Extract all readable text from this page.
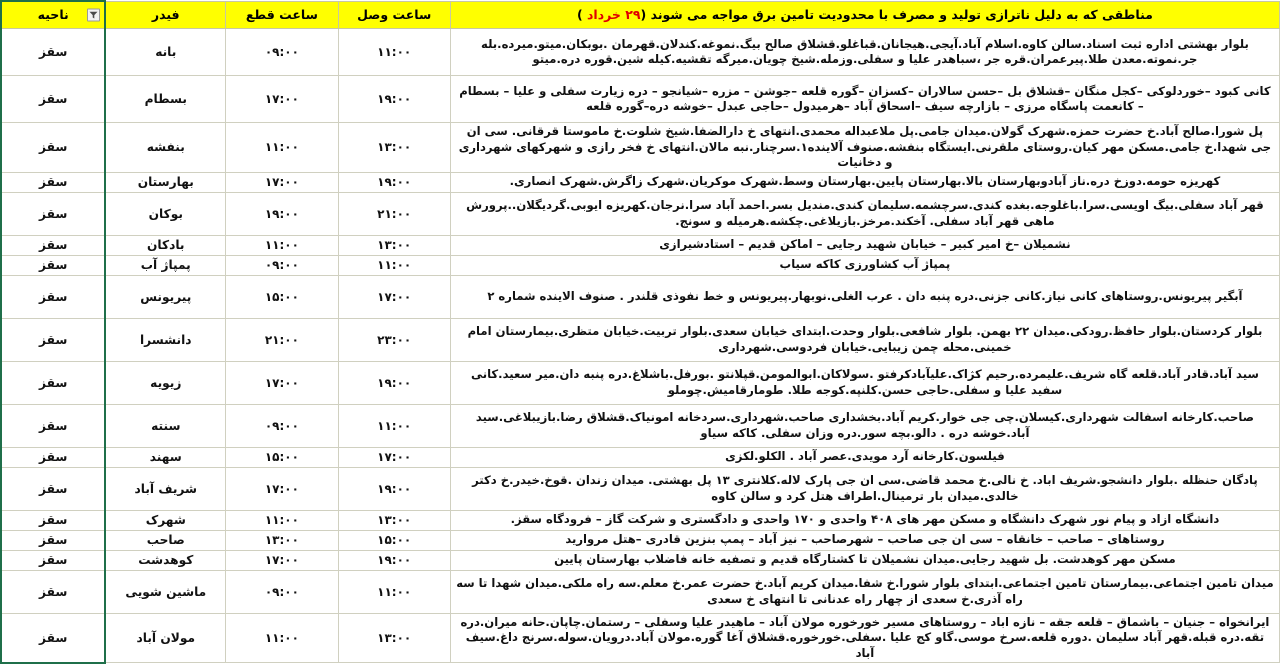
مناطقی که به دلیل ناترازی تولید و مصرف با محدودیت تامین برق مواجه می شوند (۲۹ خرداد )	ساعت وصل	ساعت قطع	فیدر	ناحیه

بلوار بهشتی اداره ثبت اسناد.سالن کاوه.اسلام آباد.آیجی.هیجانان.قباغلو.قشلاق صالح بیگ.نموغه.کندلان.قهرمان .بوبکان.میتو.میرده.بله جر.نموته.معدن طلا.پیرعمران.قره جر ،سباهدر علیا و سفلی.وزمله.شیخ چویان.میرگه تقشیه.کیله شین.قوره دره.میتو	۱۱:۰۰	۰۹:۰۰	بانه	سقز
کانی کبود –خوردلوکی –کجل منگان –قشلاق بل –حسن سالاران –کسزان –گوره قلعه –جوشن – مزره –شیانجو – دره زیارت سفلی و علیا – بسطام – کانعمت پاسگاه مرزی – بازارچه سیف –اسحاق آباد –هرمیدول –حاجی عبدل –خوشه دره–گوره قلعه	۱۹:۰۰	۱۷:۰۰	بسطام	سقز
پل شورا.صالح آباد.خ حضرت حمزه.شهرک گولان.میدان جامی.پل ملاعبداله محمدی.انتهای خ دارالضفا.شیخ شلوت.خ ماموستا قرقانی. سی ان جی شهدا.خ جامی.مسکن مهر کیان.روستای ملقرنی.ایستگاه بنفشه.صنوف آلاینده۱.سرچنار.نبه مالان.انتهای خ فخر رازی و شهرکهای شهرداری و دخانیات	۱۳:۰۰	۱۱:۰۰	بنفشه	سقز
کهریزه حومه.دوزخ دره.ناز آبادوبهارستان بالا.بهارستان پایین.بهارستان وسط.شهرک موکریان.شهرک زاگرش.شهرک انصاری.	۱۹:۰۰	۱۷:۰۰	بهارستان	سقز
قهر آباد سفلی.بیگ اویسی.سرا.باغلوجه.بغده کندی.سرچشمه.سلیمان کندی.مندیل بسر.احمد آباد سرا.نرجان.کهریزه ایوبی.گردیگلان..پرورش ماهی قهر آباد سفلی. آخکند.مرخز.بازیلاغی.چکشه.هرمیله و سونج.	۲۱:۰۰	۱۹:۰۰	بوکان	سقز
نشمیلان –خ امیر کبیر – خیابان شهید رجایی – اماکن قدیم – استادشیرازی	۱۳:۰۰	۱۱:۰۰	بادکان	سقز
پمپاژ آب کشاورزی کاکه سیاب	۱۱:۰۰	۰۹:۰۰	پمپاژ آب	سقز
آبگیر پیریونس.روستاهای کانی نیاز.کانی جزنی.دره پنبه دان . عرب الغلی.نوبهار.پیریونس و خط نفوذی قلندر . صنوف الاینده شماره ۲	۱۷:۰۰	۱۵:۰۰	پیریونس	سقز
بلوار کردستان.بلوار حافظ.رودکی.میدان ۲۲ بهمن. بلوار شافعی.بلوار وحدت.ابتدای خیابان سعدی.بلوار تربیت.خیابان متظری.بیمارستان امام خمینی.محله چمن زیبایی.خیابان فردوسی.شهرداری	۲۳:۰۰	۲۱:۰۰	دانشسرا	سقز
سید آباد.قادر آباد.قلعه گاه شریف.علیمرده.رحیم کژاک.علیآبادکرفتو .سولاکان.ابوالمومن.قپلانتو .بورفل.باشلاغ.دره پنبه دان.میر سعید.کانی سفید علیا و سفلی.حاجی حسن.کلنپه.کوجه طلا. طومارقامیش.چوملو	۱۹:۰۰	۱۷:۰۰	زیویه	سقز
صاحب.کارخانه اسفالت شهرداری.کیسلان.چی جی خوار.کریم آباد.بخشداری صاحب.شهرداری.سردخانه امونیاک.قشلاق رضا.بازیبلاغی.سید آباد.خوشه دره . دالو.بچه سور.دره وزان سفلی. کاکه سیاو	۱۱:۰۰	۰۹:۰۰	سنته	سقز
فیلسون.کارخانه آرد مویدی.عصر آباد . الکلو.لکزی	۱۷:۰۰	۱۵:۰۰	سهند	سقز
پادگان حنظله .بلوار دانشجو.شریف اباد. خ نالی.خ محمد قاضی.سی ان جی پارک لاله.کلانتری ۱۳ پل بهشتی. میدان زندان .قوخ.خیدر.خ دکتر خالدی.میدان بار ترمینال.اطراف هتل کرد و سالن کاوه	۱۹:۰۰	۱۷:۰۰	شریف آباد	سقز
دانشگاه ازاد و پیام نور شهرک دانشگاه و مسکن مهر های ۴۰۸ واحدی و ۱۷۰ واحدی و دادگستری و شرکت گاز – فرودگاه سقز.	۱۳:۰۰	۱۱:۰۰	شهرک	سقز
روستاهای – صاحب – خانقاه – سی ان جی صاحب – شهرصاحب – نیز آباد – پمپ بنزین قادری –هتل مروارید	۱۵:۰۰	۱۳:۰۰	صاحب	سقز
مسکن مهر کوهدشت. بل شهید رجایی.میدان نشمیلان تا کشتارگاه قدیم و تصفیه خانه فاضلاب بهارستان پایین	۱۹:۰۰	۱۷:۰۰	کوهدشت	سقز
میدان تامین اجتماعی.بیمارستان تامین اجتماعی.ابتدای بلوار شورا.خ شفا.میدان کریم آباد.خ حضرت عمر.خ معلم.سه راه ملکی.میدان شهدا تا سه راه آذری.خ سعدی از چهار راه عدنانی تا انتهای خ سعدی	۱۱:۰۰	۰۹:۰۰	ماشین شویی	سقز
ایرانخواه – جنیان – باشماق – قلعه جقه – نازه اباد – روستاهای مسیر خورخوره مولان آباد – ماهیدر علیا وسفلی – رستمان.چاپان.حانه میران.دره تقه.دره قبله.قهر آباد سلیمان .دوره قلعه.سرخ موسی.گاو کج علیا .سفلی.خورخوره.قشلاق آغا گوره.مولان آباد.درویان.سوله.سرنج داغ.سیف آباد	۱۳:۰۰	۱۱:۰۰	مولان آباد	سقز
